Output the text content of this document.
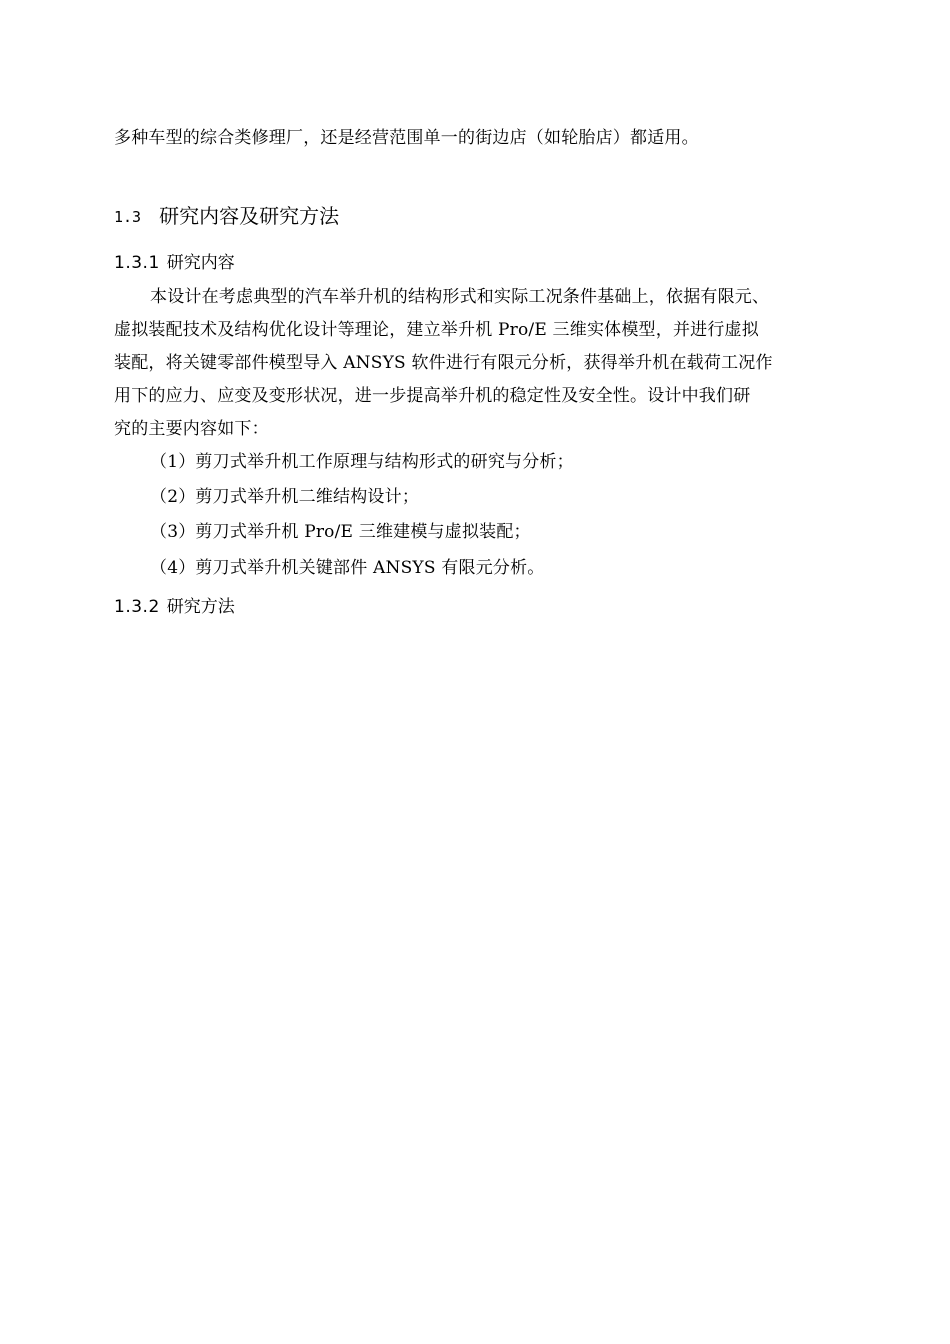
多种车型的综合类修理厂，还是经营范围单一的街边店（如轮胎店）都适用。
1.3 研究内容及研究方法
1.3.1 研究内容
本设计在考虑典型的汽车举升机的结构形式和实际工况条件基础上，依据有限元、
虚拟装配技术及结构优化设计等理论，建立举升机 Pro/E 三维实体模型，并进行虚拟
装配，将关键零部件模型导入 ANSYS 软件进行有限元分析，获得举升机在载荷工况作
用下的应力、应变及变形状况，进一步提高举升机的稳定性及安全性。设计中我们研
究的主要内容如下：
（1）剪刀式举升机工作原理与结构形式的研究与分析；
（2）剪刀式举升机二维结构设计；
（3）剪刀式举升机 Pro/E 三维建模与虚拟装配；
（4）剪刀式举升机关键部件 ANSYS 有限元分析。
1.3.2 研究方法
